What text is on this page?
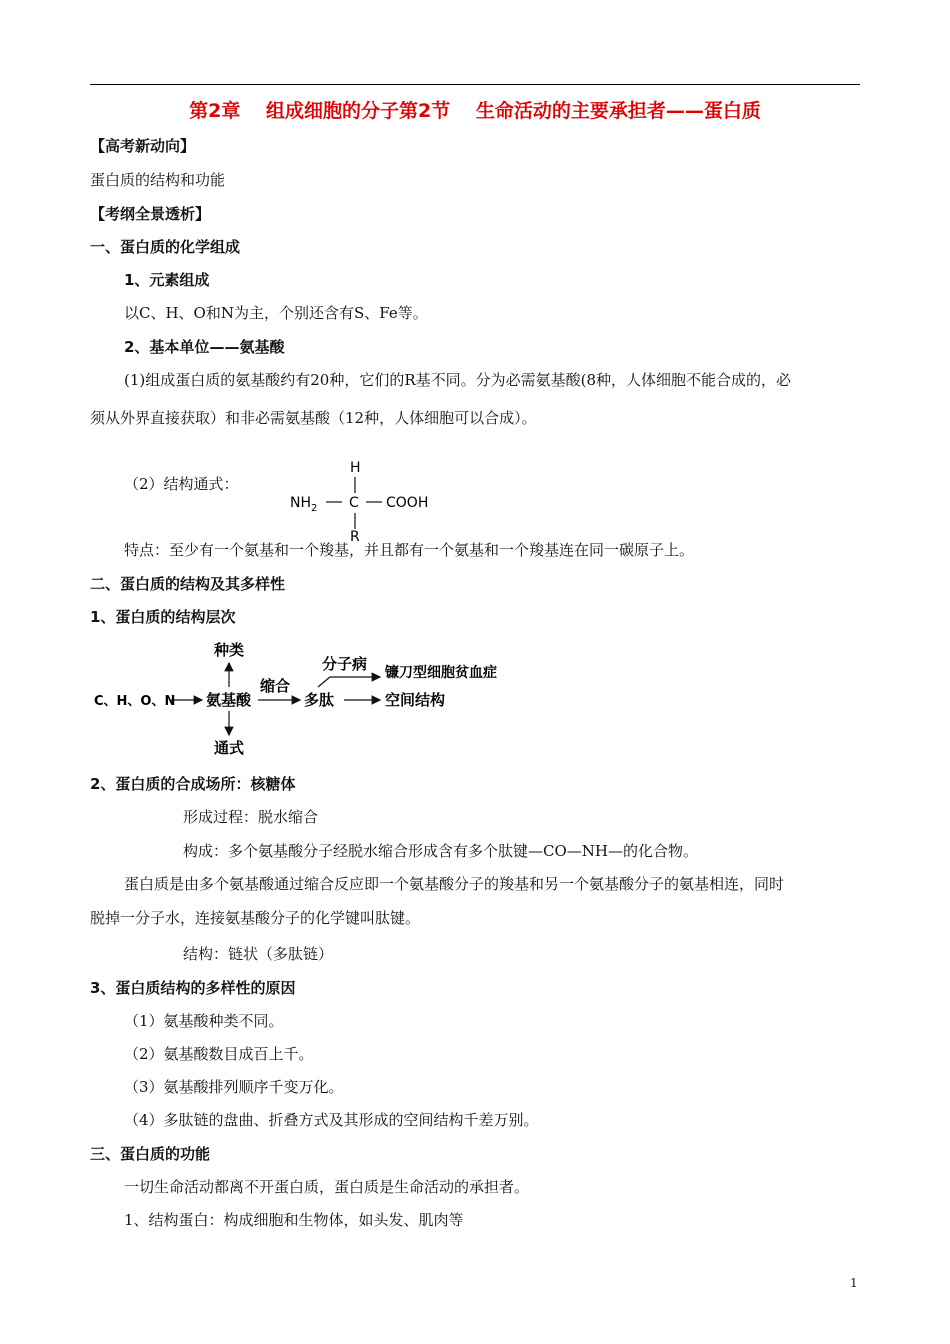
第2章　 组成细胞的分子第2节　 生命活动的主要承担者——蛋白质
【高考新动向】
蛋白质的结构和功能
【考纲全景透析】
一、蛋白质的化学组成
1、元素组成
以C、H、O和N为主，个别还含有S、Fe等。
2、基本单位——氨基酸
(1)组成蛋白质的氨基酸约有20种，它们的R基不同。分为必需氨基酸(8种，人体细胞不能合成的，必
须从外界直接获取）和非必需氨基酸（12种，人体细胞可以合成）。
（2）结构通式：
H
$NH_2$ C COOH
R
特点：至少有一个氨基和一个羧基，并且都有一个氨基和一个羧基连在同一碳原子上。
二、蛋白质的结构及其多样性
1、蛋白质的结构层次
C、H、O、N 氨基酸
种类
通式
缩合
多肽
分子病 镰刀型细胞贫血症
空间结构
2、蛋白质的合成场所：核糖体
形成过程：脱水缩合
构成：多个氨基酸分子经脱水缩合形成含有多个肽键—CO—NH—的化合物。
蛋白质是由多个氨基酸通过缩合反应即一个氨基酸分子的羧基和另一个氨基酸分子的氨基相连，同时
脱掉一分子水，连接氨基酸分子的化学键叫肽键。
结构：链状（多肽链）
3、蛋白质结构的多样性的原因
（1）氨基酸种类不同。
（2）氨基酸数目成百上千。
（3）氨基酸排列顺序千变万化。
（4）多肽链的盘曲、折叠方式及其形成的空间结构千差万别。
三、蛋白质的功能
一切生命活动都离不开蛋白质，蛋白质是生命活动的承担者。
1、结构蛋白：构成细胞和生物体，如头发、肌肉等
1
